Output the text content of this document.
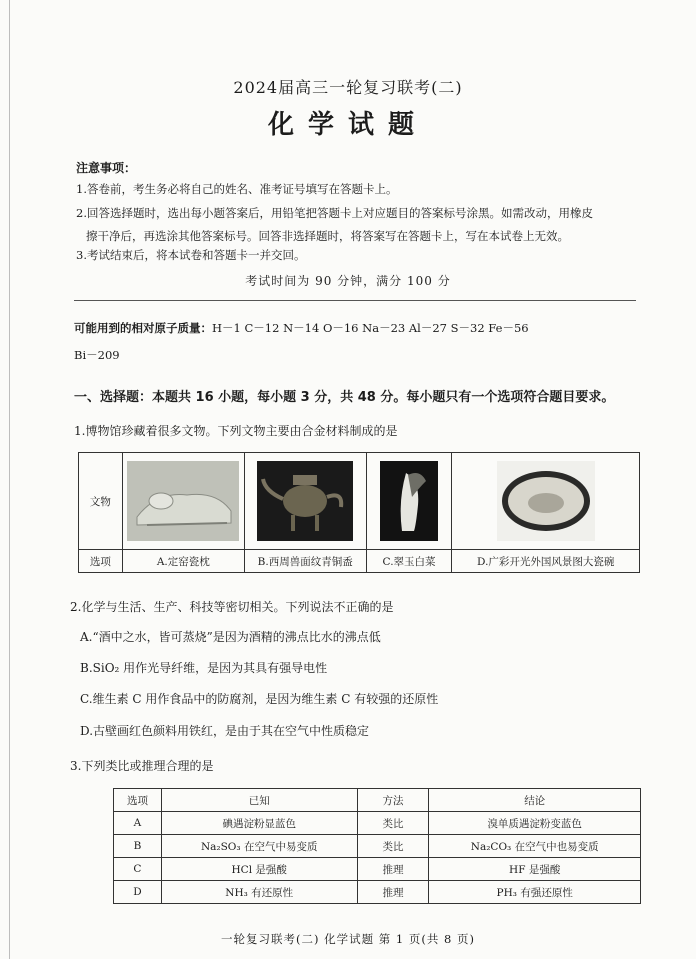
2024届高三一轮复习联考(二)
化学试题
注意事项：
1.答卷前，考生务必将自己的姓名、准考证号填写在答题卡上。
2.回答选择题时，选出每小题答案后，用铅笔把答题卡上对应题目的答案标号涂黑。如需改动，用橡皮
擦干净后，再选涂其他答案标号。回答非选择题时，将答案写在答题卡上，写在本试卷上无效。
3.考试结束后，将本试卷和答题卡一并交回。
考试时间为 90 分钟，满分 100 分
可能用到的相对原子质量：H－1 C－12 N－14 O－16 Na－23 Al－27 S－32 Fe－56
Bi－209
一、选择题：本题共 16 小题，每小题 3 分，共 48 分。每小题只有一个选项符合题目要求。
1.博物馆珍藏着很多文物。下列文物主要由合金材料制成的是
文物	

选项	A.定窑瓷枕	B.西周兽面纹青铜盉	C.翠玉白菜	D.广彩开光外国风景图大瓷碗
2.化学与生活、生产、科技等密切相关。下列说法不正确的是
A.“酒中之水，皆可蒸烧”是因为酒精的沸点比水的沸点低
B.SiO₂ 用作光导纤维，是因为其具有强导电性
C.维生素 C 用作食品中的防腐剂，是因为维生素 C 有较强的还原性
D.古壁画红色颜料用铁红，是由于其在空气中性质稳定
3.下列类比或推理合理的是
选项	已知	方法	结论
A	碘遇淀粉显蓝色	类比	溴单质遇淀粉变蓝色
B	Na₂SO₃ 在空气中易变质	类比	Na₂CO₃ 在空气中也易变质
C	HCl 是强酸	推理	HF 是强酸
D	NH₃ 有还原性	推理	PH₃ 有强还原性
一轮复习联考(二) 化学试题 第 1 页(共 8 页)
